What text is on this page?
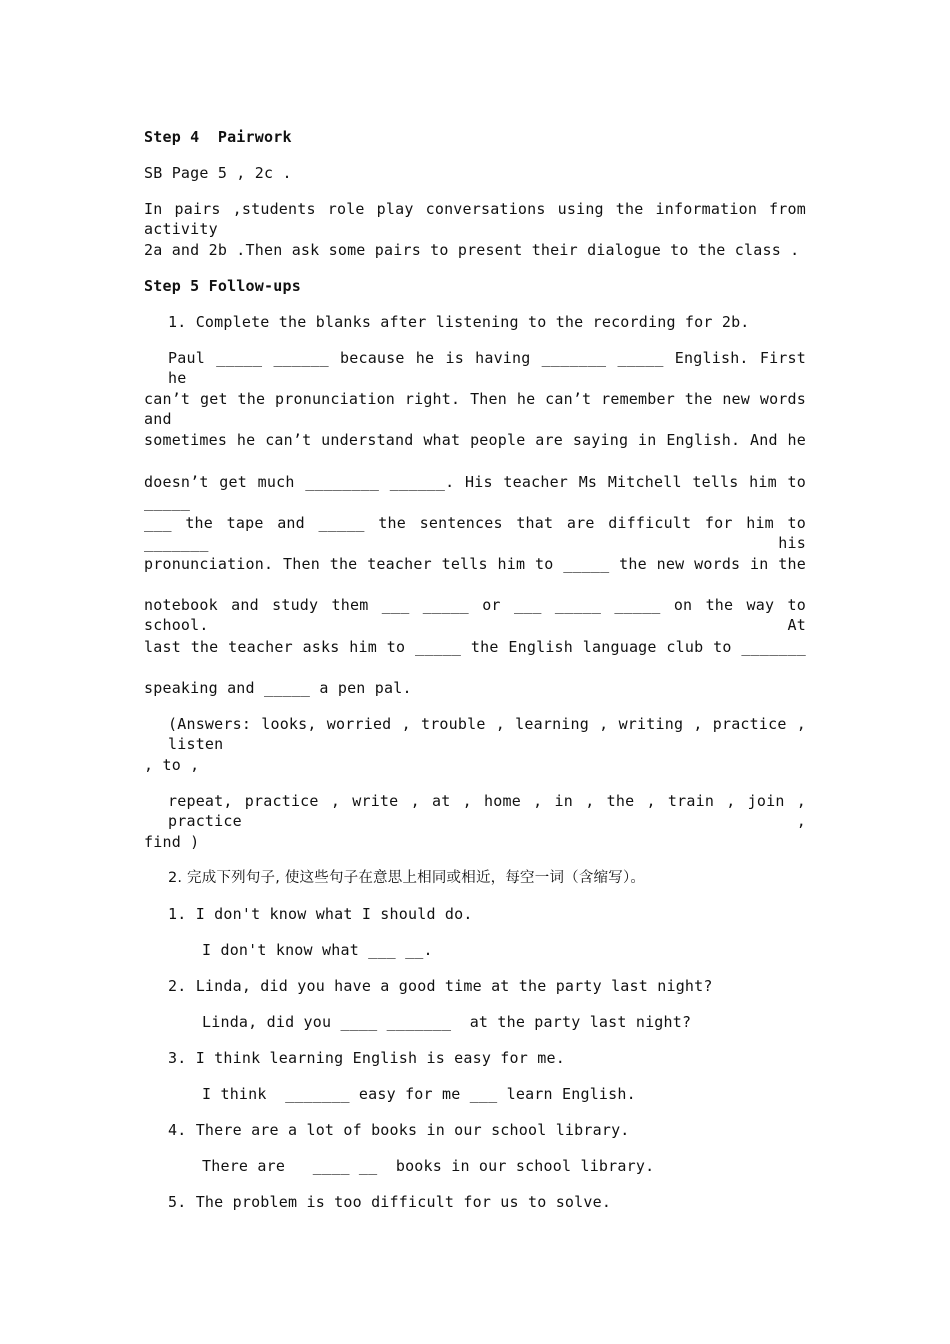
Step 4  Pairwork
SB Page 5 , 2c .
In pairs ,students role play conversations using the information from activity
2a and 2b .Then ask some pairs to present their dialogue to the class .
Step 5 Follow-ups
1. Complete the blanks after listening to the recording for 2b.
Paul _____ ______ because he is having _______ _____ English. First he
can’t get the pronunciation right. Then he can’t remember the new words and
sometimes he can’t understand what people are saying in English. And he
doesn’t get much ________ ______. His teacher Ms Mitchell tells him to _____
___ the tape and _____ the sentences that are difficult for him to _______ his
pronunciation. Then the teacher tells him to _____ the new words in the
notebook and study them ___ _____ or ___ _____ _____ on the way to school. At
last the teacher asks him to _____ the English language club to _______
speaking and _____ a pen pal.
(Answers: looks, worried , trouble , learning , writing , practice , listen
, to ,
repeat, practice , write , at , home , in , the , train , join , practice ,
find )
2. 完成下列句子, 使这些句子在意思上相同或相近，每空一词（含缩写）。
1. I don't know what I should do.
I don't know what ___ __.
2. Linda, did you have a good time at the party last night?
Linda, did you ____ _______  at the party last night?
3. I think learning English is easy for me.
I think  _______ easy for me ___ learn English.
4. There are a lot of books in our school library.
There are   ____ __  books in our school library.
5. The problem is too difficult for us to solve.
